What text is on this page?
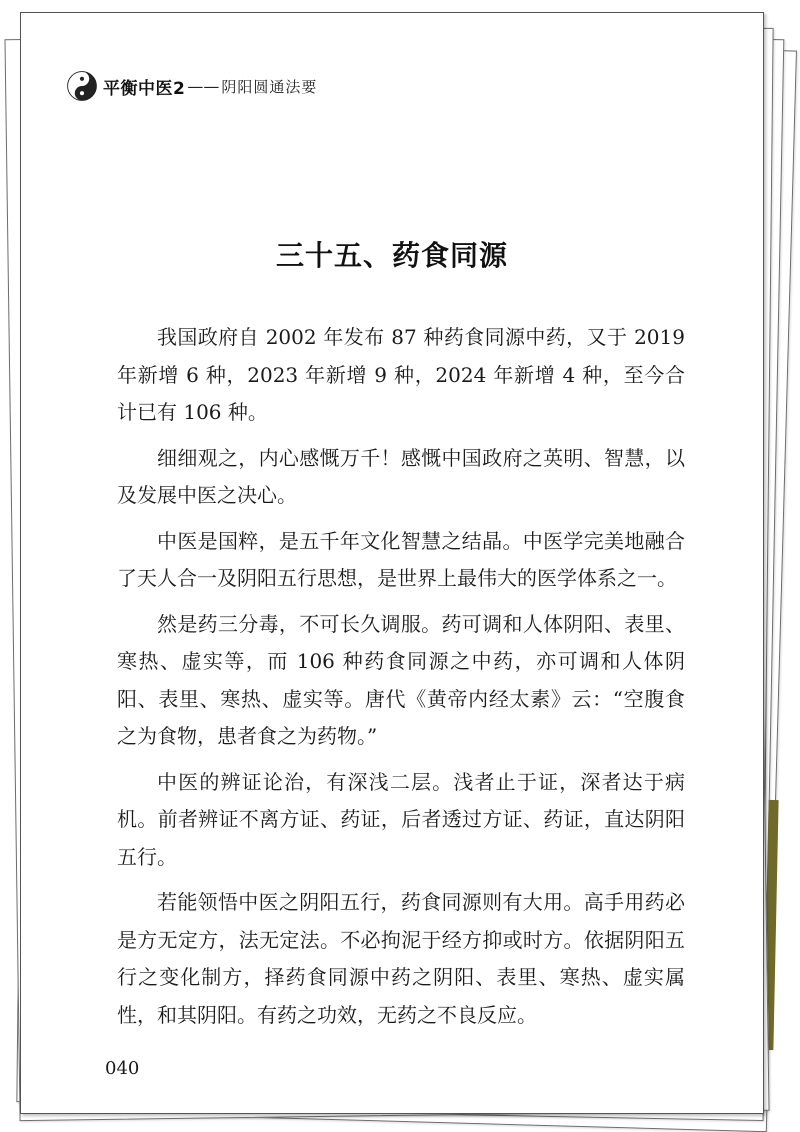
平衡中医2 —— 阴阳圆通法要
三十五、药食同源

我国政府自 2002 年发布 87 种药食同源中药，又于 2019 年新增 6 种，2023 年新增 9 种，2024 年新增 4 种，至今合计已有 106 种。

细细观之，内心感慨万千！感慨中国政府之英明、智慧，以及发展中医之决心。

中医是国粹，是五千年文化智慧之结晶。中医学完美地融合了天人合一及阴阳五行思想，是世界上最伟大的医学体系之一。

然是药三分毒，不可长久调服。药可调和人体阴阳、表里、寒热、虚实等，而 106 种药食同源之中药，亦可调和人体阴阳、表里、寒热、虚实等。唐代《黄帝内经太素》云：“空腹食之为食物，患者食之为药物。”

中医的辨证论治，有深浅二层。浅者止于证，深者达于病机。前者辨证不离方证、药证，后者透过方证、药证，直达阴阳五行。

若能领悟中医之阴阳五行，药食同源则有大用。高手用药必是方无定方，法无定法。不必拘泥于经方抑或时方。依据阴阳五行之变化制方，择药食同源中药之阴阳、表里、寒热、虚实属性，和其阴阳。有药之功效，无药之不良反应。

040
